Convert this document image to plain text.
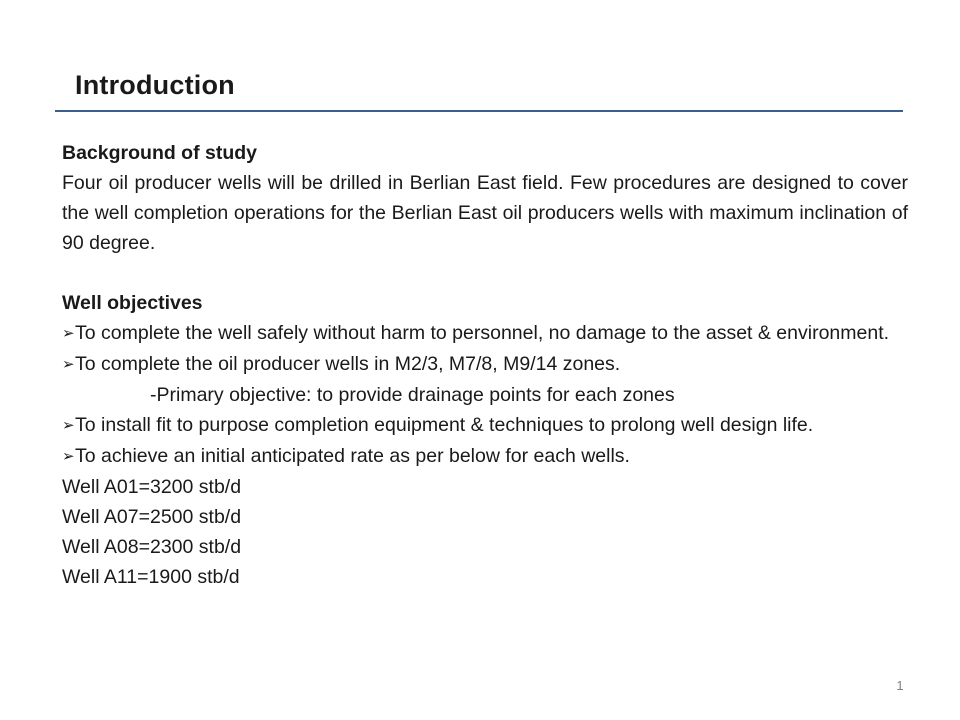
Introduction
Background of study
Four oil producer wells will be drilled in Berlian East field. Few procedures are designed to cover the well completion operations for the Berlian East oil producers wells with maximum inclination of 90 degree.
Well objectives
➢To complete the well safely without harm to personnel, no damage to the asset & environment.
➢To complete the oil producer wells in M2/3, M7/8, M9/14 zones.
-Primary objective: to provide drainage points for each zones
➢To install fit to purpose completion equipment & techniques to prolong well design life.
➢To achieve an initial anticipated rate as per below for each wells.
Well A01=3200 stb/d
Well A07=2500 stb/d
Well A08=2300 stb/d
Well A11=1900 stb/d
1
